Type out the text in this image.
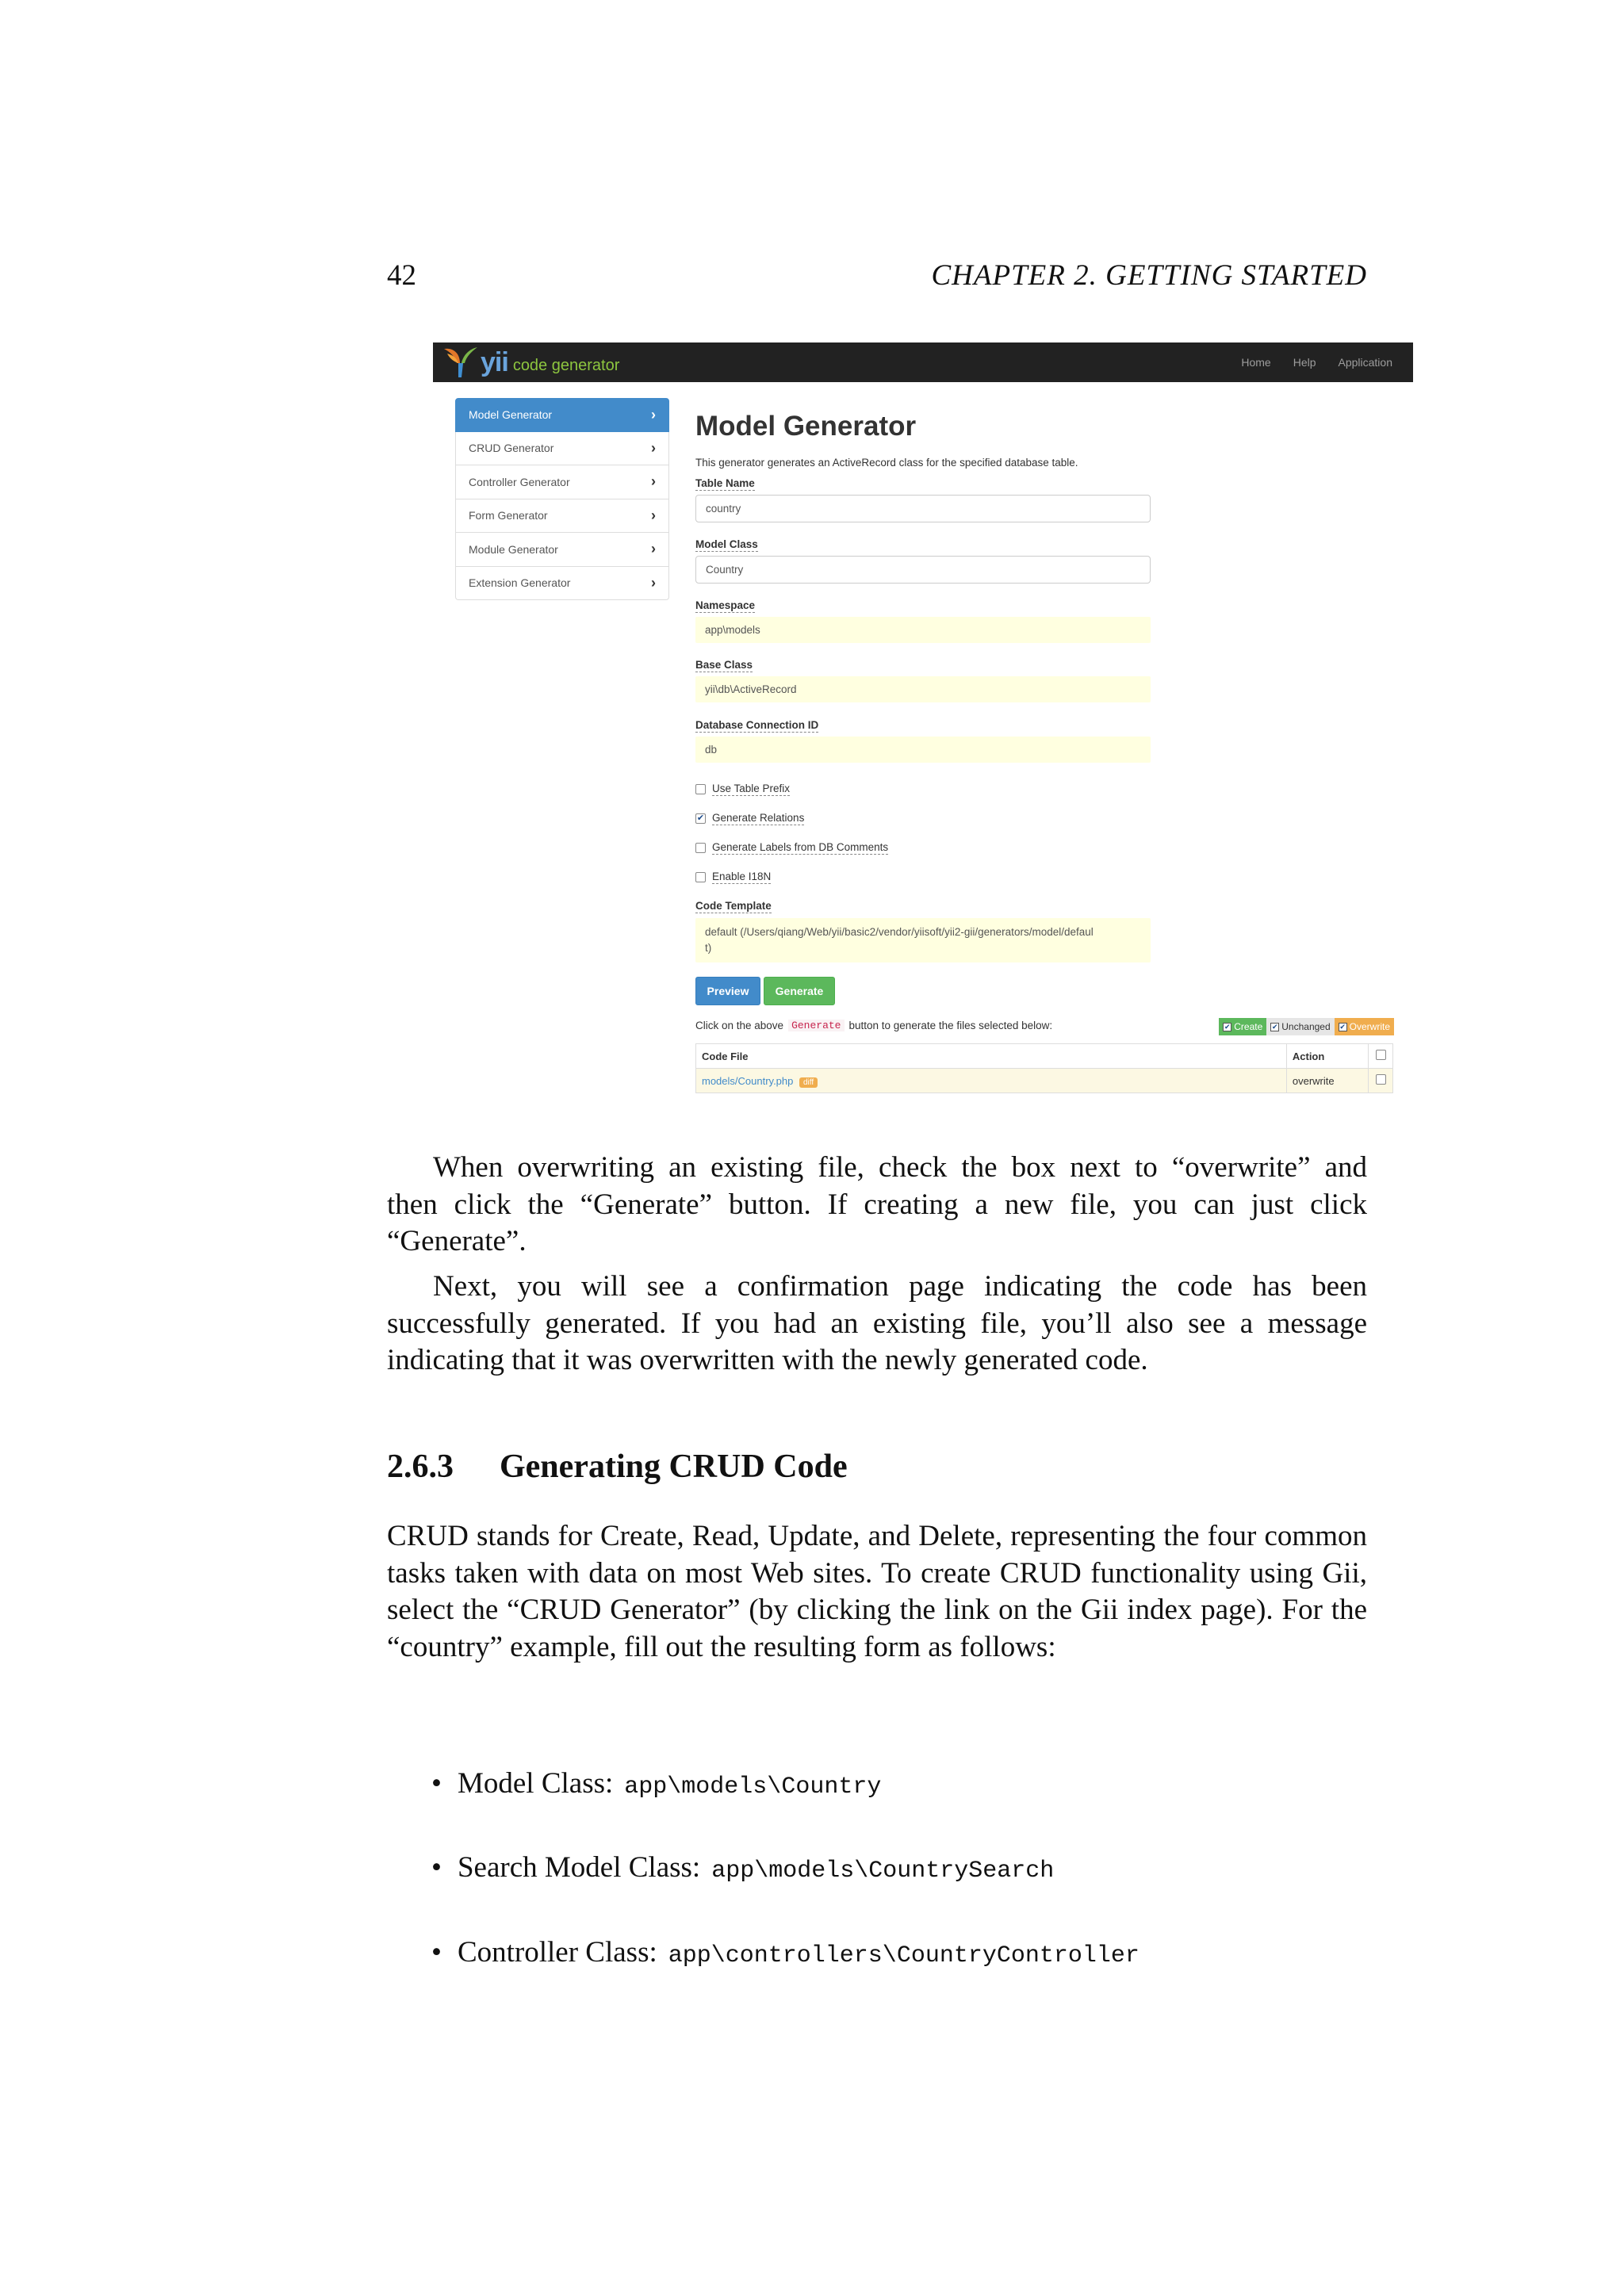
42	CHAPTER 2. GETTING STARTED
yii code generator	Home Help Application
Model Generator	›
CRUD Generator	›
Controller Generator	›
Form Generator	›
Module Generator	›
Extension Generator	›
Model Generator
This generator generates an ActiveRecord class for the specified database table.
Table Name
country
Model Class
Country
Namespace
app\models
Base Class
yii\db\ActiveRecord
Database Connection ID
db
Use Table Prefix
✔ Generate Relations
Generate Labels from DB Comments
Enable I18N
Code Template
default (/Users/qiang/Web/yii/basic2/vendor/yiisoft/yii2-gii/generators/model/defaul
t)
Preview	Generate
Click on the above Generate button to generate the files selected below:	✔ Create ✔ Unchanged ✔ Overwrite
Code File	Action	
models/Country.php diff	overwrite	
When overwriting an existing file, check the box next to “overwrite” and
then click the “Generate” button. If creating a new file, you can just click “Generate”.
Next, you will see a confirmation page indicating the code has been
successfully generated. If you had an existing file, you’ll also see a message indicating that it was overwritten with the newly generated code.
2.6.3 Generating CRUD Code
CRUD stands for Create, Read, Update, and Delete, representing the four common tasks taken with data on most Web sites. To create CRUD functionality using Gii, select the “CRUD Generator” (by clicking the link on the Gii index page). For the “country” example, fill out the resulting form as follows:
• Model Class: app\models\Country
• Search Model Class: app\models\CountrySearch
• Controller Class: app\controllers\CountryController
